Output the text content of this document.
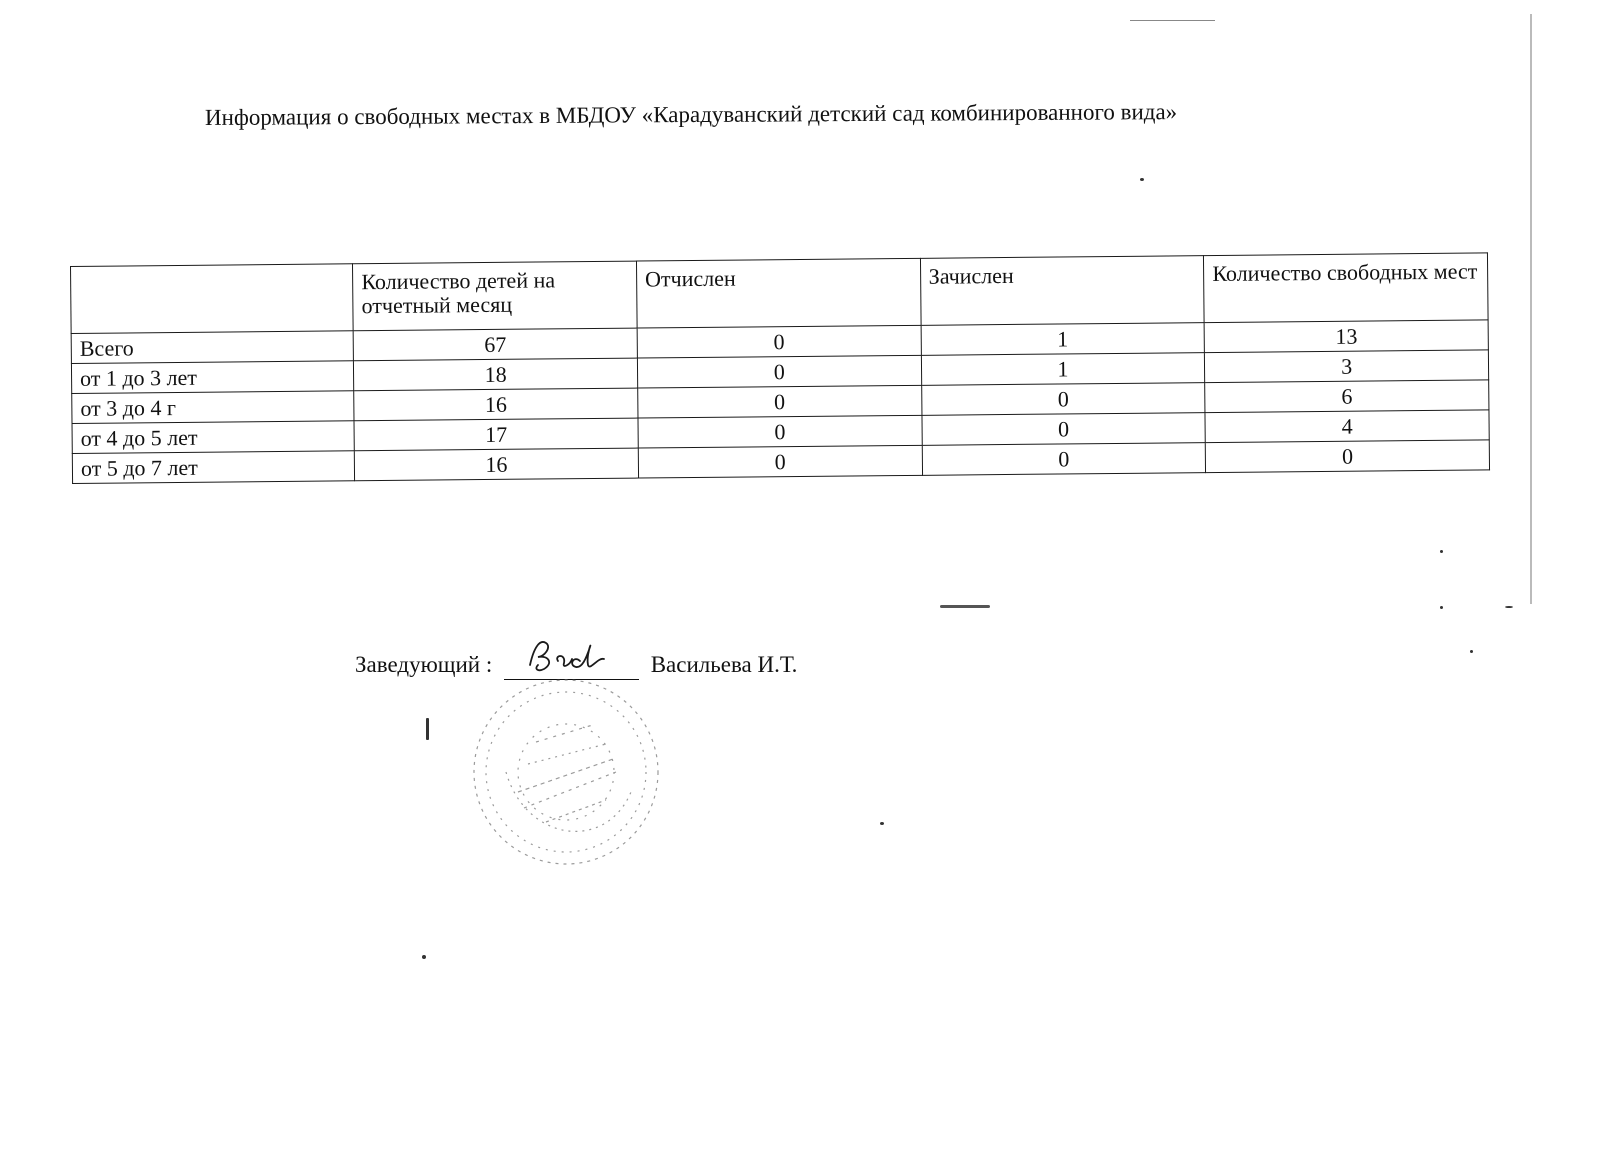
Информация о свободных местах в МБДОУ «Карадуванский детский сад комбинированного вида»
	Количество детей на отчетный месяц	Отчислен	Зачислен	Количество свободных мест
Всего	67	0	1	13
от 1 до 3 лет	18	0	1	3
от 3 до 4 г	16	0	0	6
от 4 до 5 лет	17	0	0	4
от 5 до 7 лет	16	0	0	0
Заведующий :	Васильева И.Т.
